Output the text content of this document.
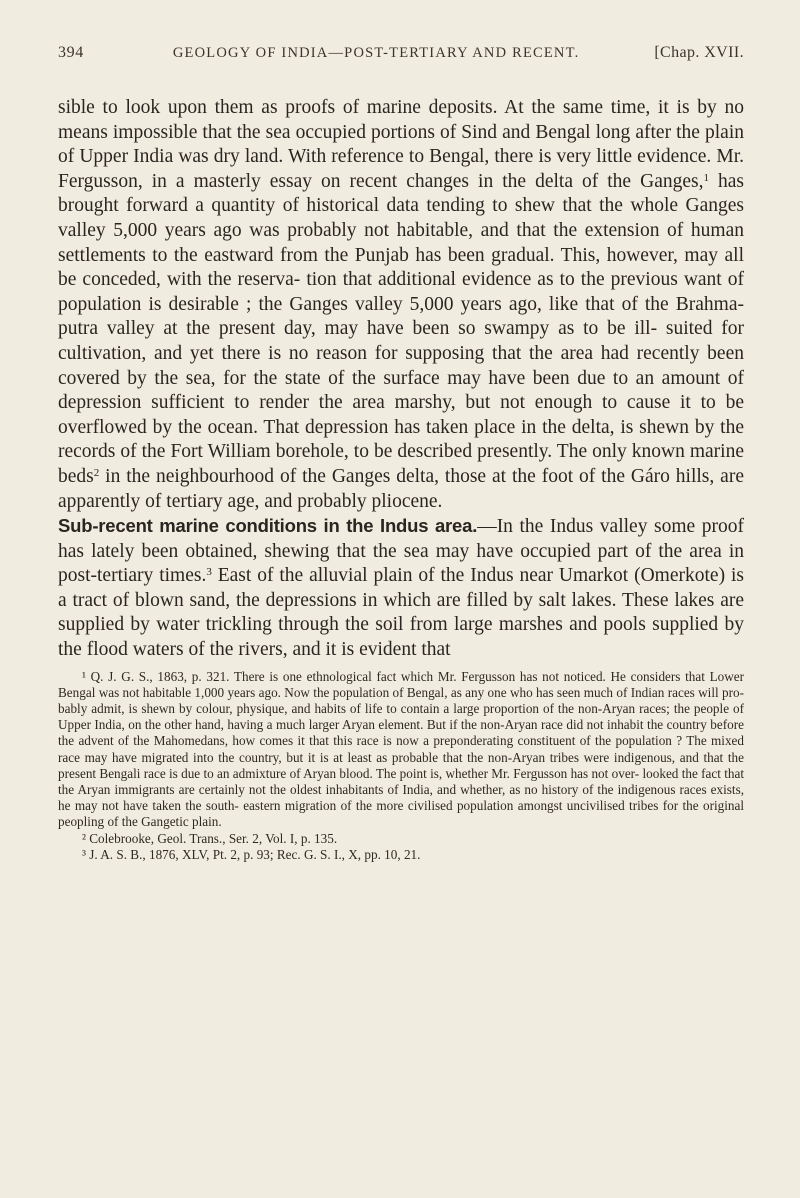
394	GEOLOGY OF INDIA—POST-TERTIARY AND RECENT.	[Chap. XVII.

sible to look upon them as proofs of marine deposits. At the same time, it is by no means impossible that the sea occupied portions of Sind and Bengal long after the plain of Upper India was dry land. With reference to Bengal, there is very little evidence. Mr. Fergusson, in a masterly essay on recent changes in the delta of the Ganges,$^1$ has brought forward a quantity of historical data tending to shew that the whole Ganges valley 5,000 years ago was probably not habitable, and that the extension of human settlements to the eastward from the Punjab has been gradual. This, however, may all be conceded, with the reserva- tion that additional evidence as to the previous want of population is desirable ; the Ganges valley 5,000 years ago, like that of the Brahma- putra valley at the present day, may have been so swampy as to be ill- suited for cultivation, and yet there is no reason for supposing that the area had recently been covered by the sea, for the state of the surface may have been due to an amount of depression sufficient to render the area marshy, but not enough to cause it to be overflowed by the ocean. That depression has taken place in the delta, is shewn by the records of the Fort William borehole, to be described presently. The only known marine beds$^2$ in the neighbourhood of the Ganges delta, those at the foot of the Gáro hills, are apparently of tertiary age, and probably pliocene.

Sub-recent marine conditions in the Indus area.—In the Indus valley some proof has lately been obtained, shewing that the sea may have occupied part of the area in post-tertiary times.$^3$ East of the alluvial plain of the Indus near Umarkot (Omerkote) is a tract of blown sand, the depressions in which are filled by salt lakes. These lakes are supplied by water trickling through the soil from large marshes and pools supplied by the flood waters of the rivers, and it is evident that

¹ Q. J. G. S., 1863, p. 321. There is one ethnological fact which Mr. Fergusson has not noticed. He considers that Lower Bengal was not habitable 1,000 years ago. Now the population of Bengal, as any one who has seen much of Indian races will pro- bably admit, is shewn by colour, physique, and habits of life to contain a large proportion of the non-Aryan races; the people of Upper India, on the other hand, having a much larger Aryan element. But if the non-Aryan race did not inhabit the country before the advent of the Mahomedans, how comes it that this race is now a preponderating constituent of the population ? The mixed race may have migrated into the country, but it is at least as probable that the non-Aryan tribes were indigenous, and that the present Bengali race is due to an admixture of Aryan blood. The point is, whether Mr. Fergusson has not over- looked the fact that the Aryan immigrants are certainly not the oldest inhabitants of India, and whether, as no history of the indigenous races exists, he may not have taken the south- eastern migration of the more civilised population amongst uncivilised tribes for the original peopling of the Gangetic plain.

² Colebrooke, Geol. Trans., Ser. 2, Vol. I, p. 135.

³ J. A. S. B., 1876, XLV, Pt. 2, p. 93; Rec. G. S. I., X, pp. 10, 21.
